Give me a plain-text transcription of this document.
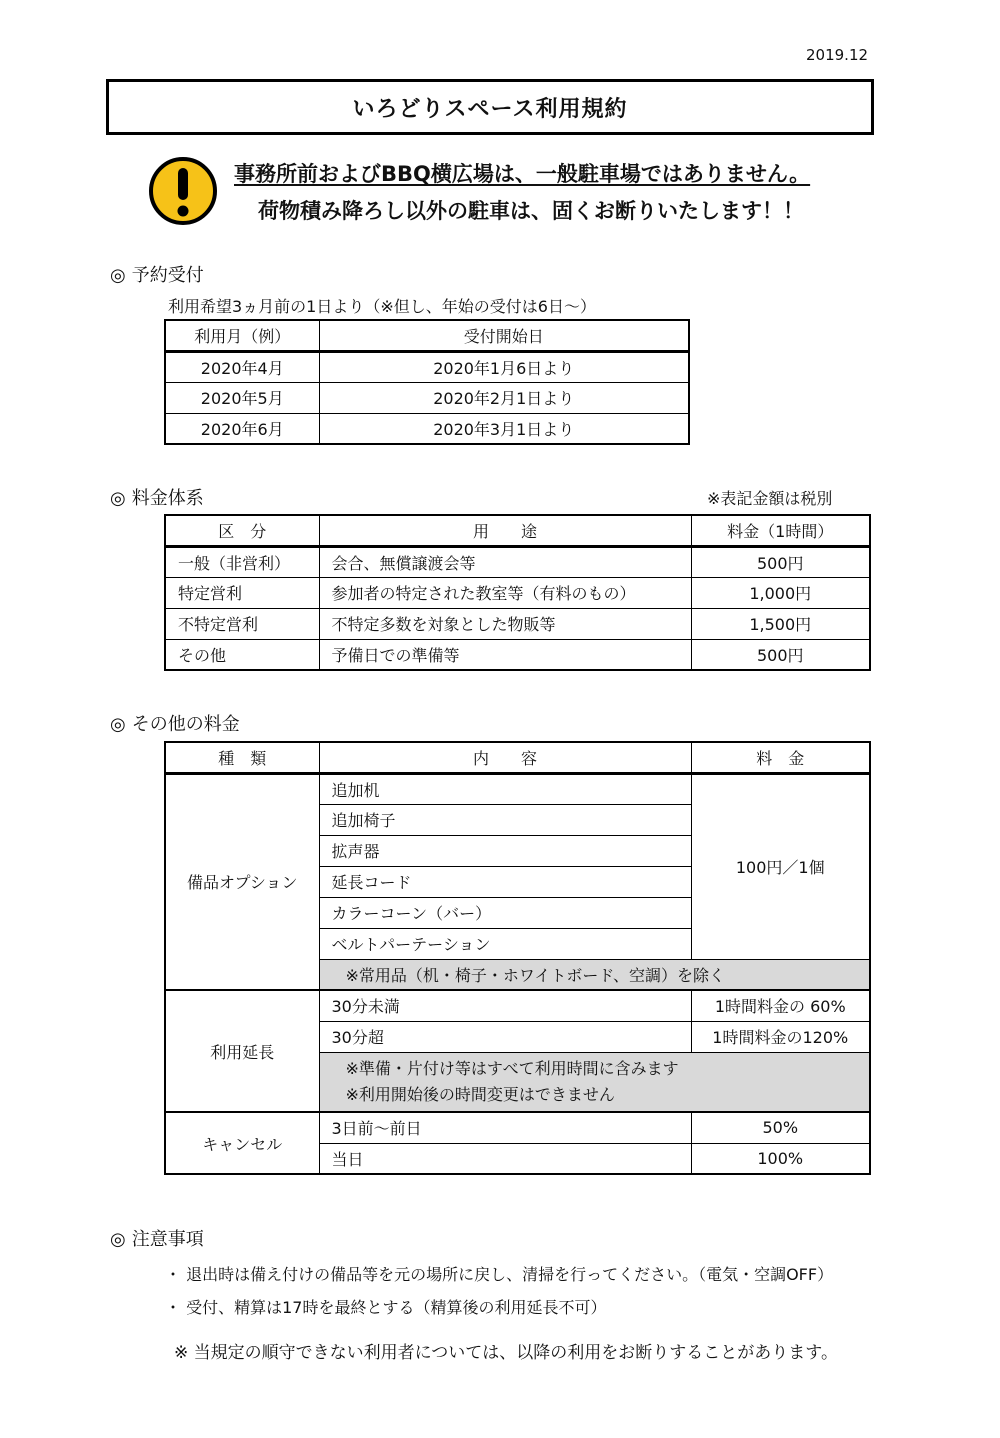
2019.12
いろどりスペース利用規約
事務所前およびBBQ横広場は、一般駐車場ではありません。
荷物積み降ろし以外の駐車は、固くお断りいたします！！
◎ 予約受付
利用希望3ヵ月前の1日より（※但し、年始の受付は6日～）
利用月（例）	受付開始日
2020年4月	2020年1月6日より
2020年5月	2020年2月1日より
2020年6月	2020年3月1日より
◎ 料金体系	※表記金額は税別
区　分	用　　途	料金（1時間）
一般（非営利）	会合、無償譲渡会等	500円
特定営利	参加者の特定された教室等（有料のもの）	1,000円
不特定営利	不特定多数を対象とした物販等	1,500円
その他	予備日での準備等	500円
◎ その他の料金
種　類	内　　容	料　金
備品オプション	追加机	100円／1個
	追加椅子	
	拡声器	
	延長コード	
	カラーコーン（バー）	
	ベルトパーテーション	
	※常用品（机・椅子・ホワイトボード、空調）を除く	
利用延長	30分未満	1時間料金の 60%
	30分超	1時間料金の120%

	※準備・片付け等はすべて利用時間に含みます
※利用開始後の時間変更はできません	

キャンセル	3日前～前日	50%
	当日	100%
◎ 注意事項
・ 退出時は備え付けの備品等を元の場所に戻し、清掃を行ってください。（電気・空調OFF）
・ 受付、精算は17時を最終とする（精算後の利用延長不可）
※ 当規定の順守できない利用者については、以降の利用をお断りすることがあります。
